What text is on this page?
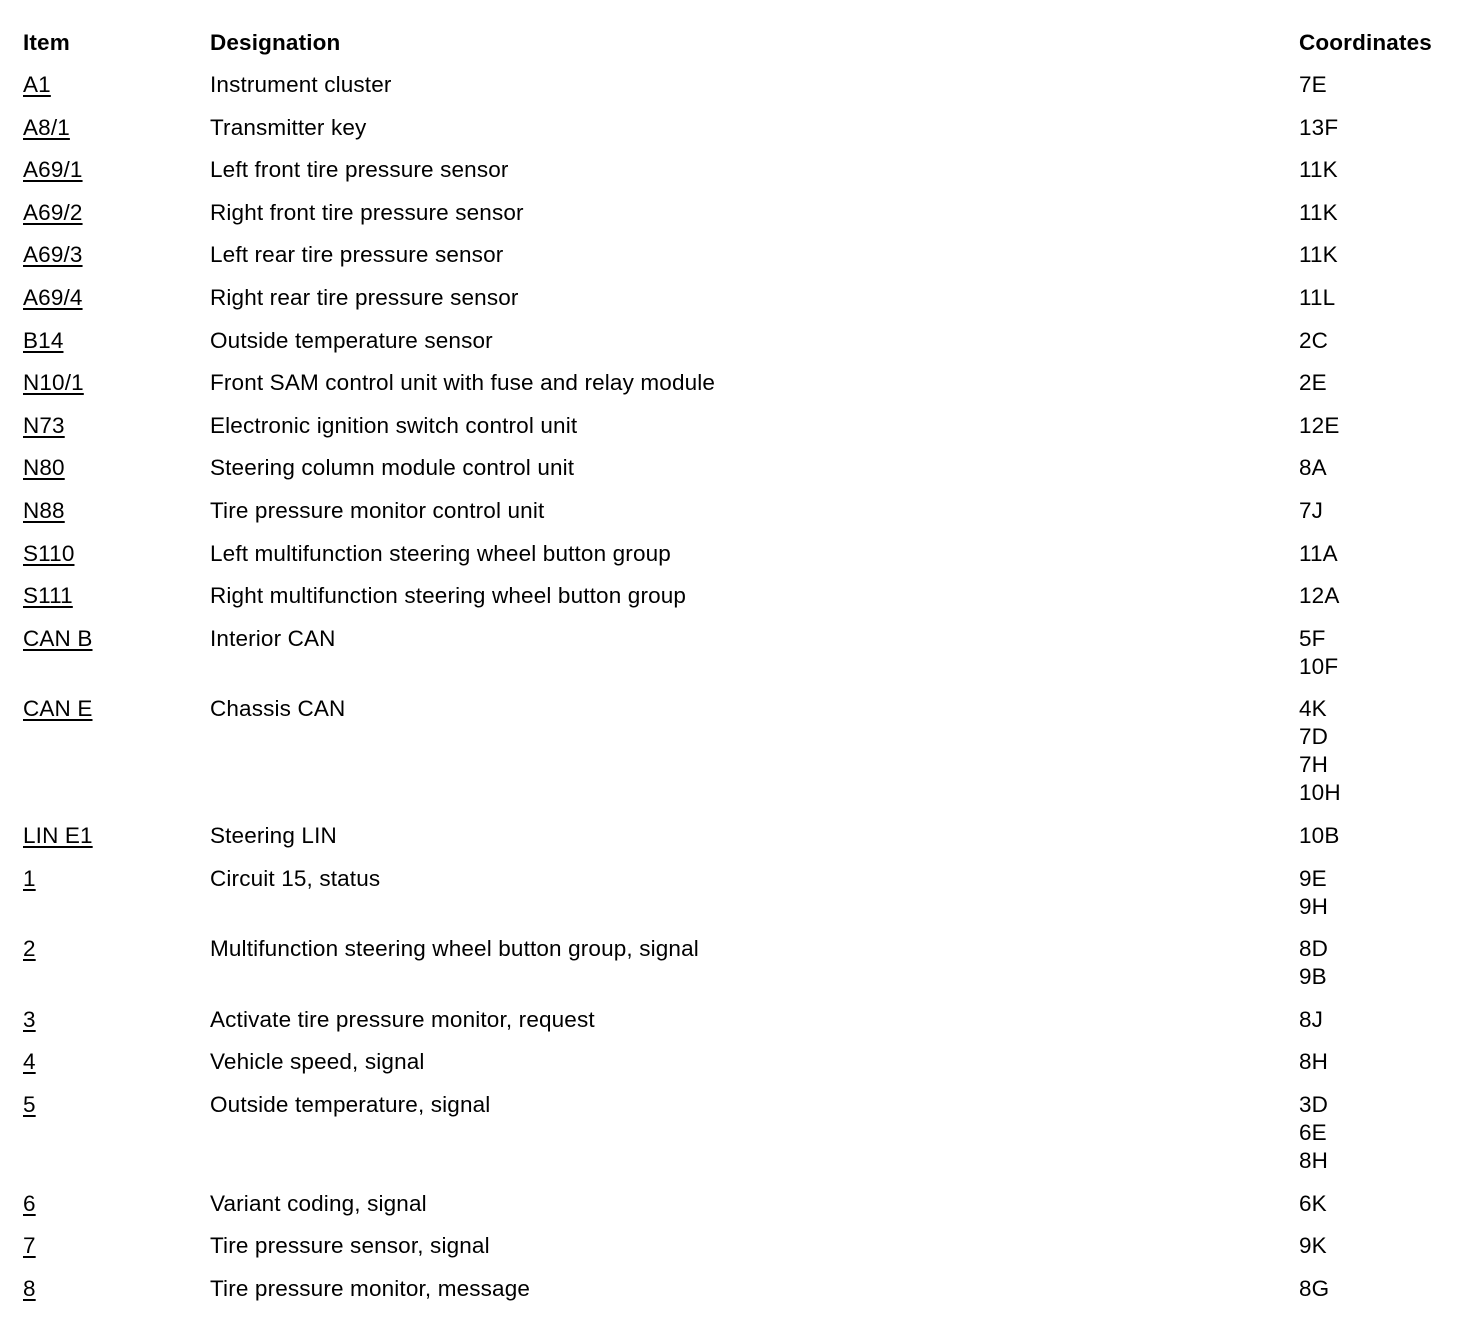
Item	Designation	Coordinates
A1	Instrument cluster	7E
A8/1	Transmitter key	13F
A69/1	Left front tire pressure sensor	11K
A69/2	Right front tire pressure sensor	11K
A69/3	Left rear tire pressure sensor	11K
A69/4	Right rear tire pressure sensor	11L
B14	Outside temperature sensor	2C
N10/1	Front SAM control unit with fuse and relay module	2E
N73	Electronic ignition switch control unit	12E
N80	Steering column module control unit	8A
N88	Tire pressure monitor control unit	7J
S110	Left multifunction steering wheel button group	11A
S111	Right multifunction steering wheel button group	12A
CAN B	Interior CAN	5F
10F
CAN E	Chassis CAN	4K
7D
7H
10H
LIN E1	Steering LIN	10B
1	Circuit 15, status	9E
9H
2	Multifunction steering wheel button group, signal	8D
9B
3	Activate tire pressure monitor, request	8J
4	Vehicle speed, signal	8H
5	Outside temperature, signal	3D
6E
8H
6	Variant coding, signal	6K
7	Tire pressure sensor, signal	9K
8	Tire pressure monitor, message	8G
